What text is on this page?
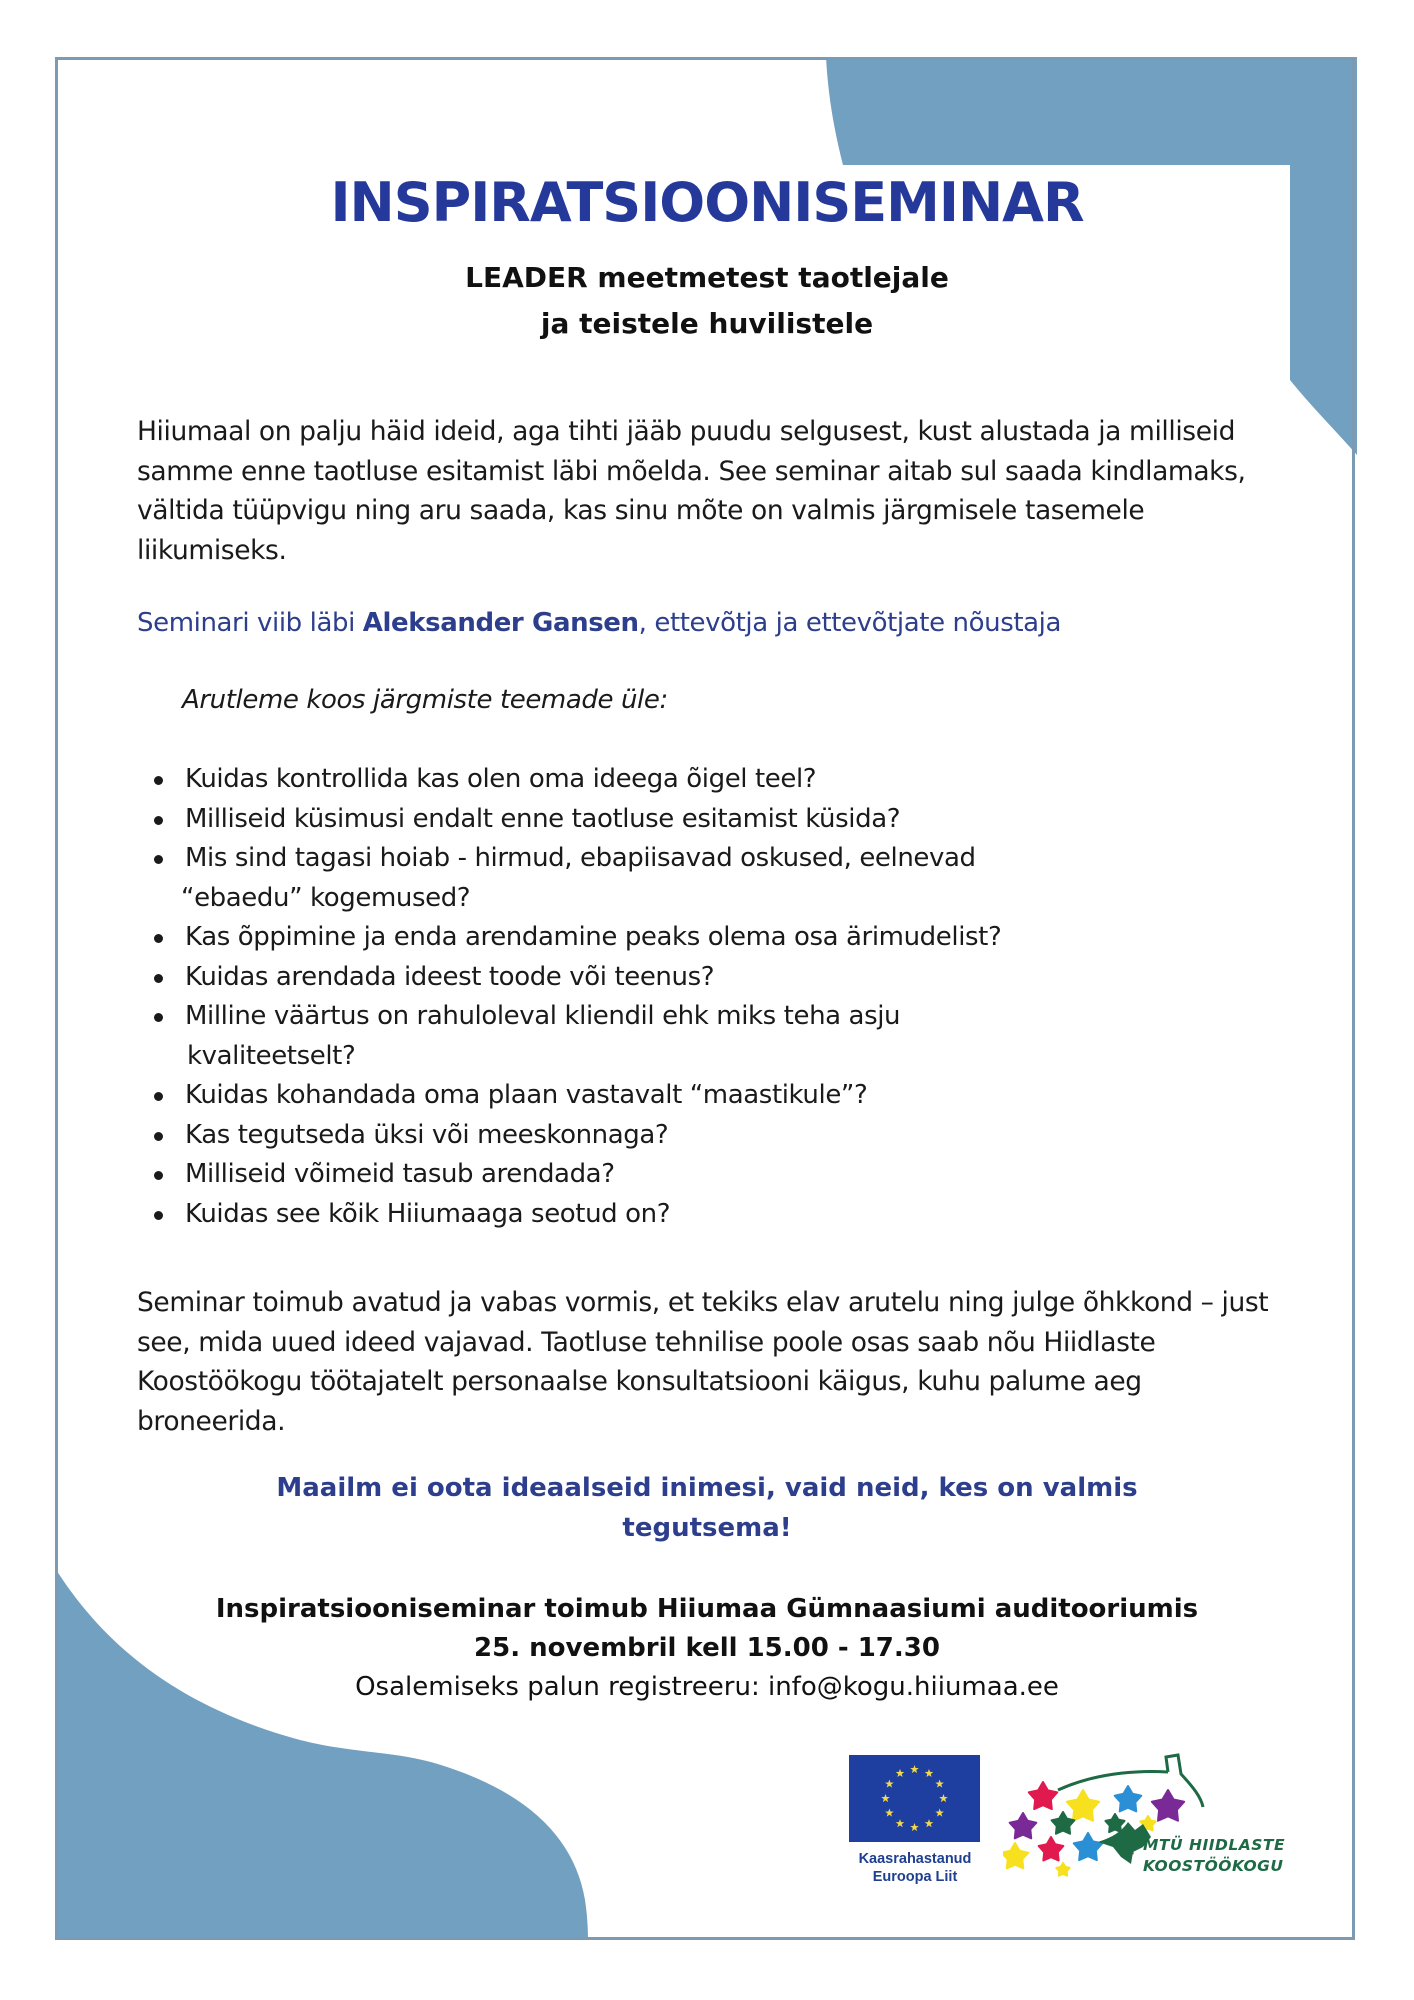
INSPIRATSIOONISEMINAR
LEADER meetmetest taotlejale
ja teistele huvilistele
Hiiumaal on palju häid ideid, aga tihti jääb puudu selgusest, kust alustada ja milliseid
samme enne taotluse esitamist läbi mõelda. See seminar aitab sul saada kindlamaks,
vältida tüüpvigu ning aru saada, kas sinu mõte on valmis järgmisele tasemele
liikumiseks.
Seminari viib läbi Aleksander Gansen, ettevõtja ja ettevõtjate nõustaja
Arutleme koos järgmiste teemade üle:
Kuidas kontrollida kas olen oma ideega õigel teel?
Milliseid küsimusi endalt enne taotluse esitamist küsida?
Mis sind tagasi hoiab - hirmud, ebapiisavad oskused, eelnevad
“ebaedu” kogemused?
Kas õppimine ja enda arendamine peaks olema osa ärimudelist?
Kuidas arendada ideest toode või teenus?
Milline väärtus on rahuloleval kliendil ehk miks teha asju
kvaliteetselt?
Kuidas kohandada oma plaan vastavalt “maastikule”?
Kas tegutseda üksi või meeskonnaga?
Milliseid võimeid tasub arendada?
Kuidas see kõik Hiiumaaga seotud on?
Seminar toimub avatud ja vabas vormis, et tekiks elav arutelu ning julge õhkkond – just
see, mida uued ideed vajavad. Taotluse tehnilise poole osas saab nõu Hiidlaste
Koostöökogu töötajatelt personaalse konsultatsiooni käigus, kuhu palume aeg
broneerida.
Maailm ei oota ideaalseid inimesi, vaid neid, kes on valmis
tegutsema!
Inspiratsiooniseminar toimub Hiiumaa Gümnaasiumi auditooriumis
25. novembril kell 15.00 - 17.30
Osalemiseks palun registreeru: info@kogu.hiiumaa.ee
Kaasrahastanud
Euroopa Liit
MTÜ HIIDLASTE
KOOSTÖÖKOGU
